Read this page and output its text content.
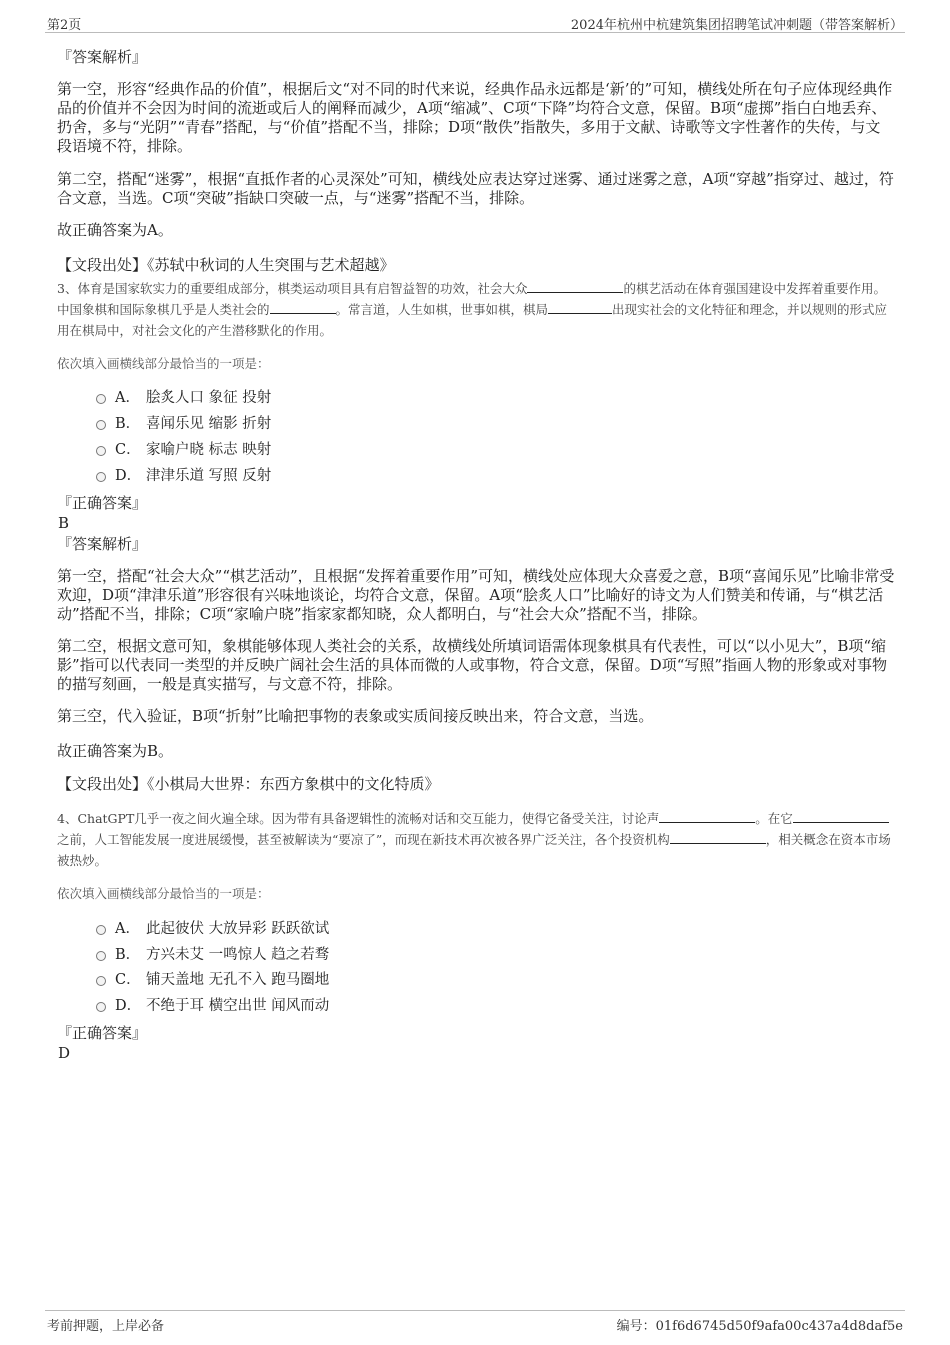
第2页	2024年杭州中杭建筑集团招聘笔试冲刺题（带答案解析）
『答案解析』

第一空，形容“经典作品的价值”，根据后文“对不同的时代来说，经典作品永远都是‘新’的”可知，横线处所在句子应体现经典作品的价值并不会因为时间的流逝或后人的阐释而减少，A项“缩减”、C项“下降”均符合文意，保留。B项“虚掷”指白白地丢弃、扔舍，多与“光阴”“青春”搭配，与“价值”搭配不当，排除；D项“散佚”指散失，多用于文献、诗歌等文字性著作的失传，与文段语境不符，排除。

第二空，搭配“迷雾”，根据“直抵作者的心灵深处”可知，横线处应表达穿过迷雾、通过迷雾之意，A项“穿越”指穿过、越过，符合文意，当选。C项“突破”指缺口突破一点，与“迷雾”搭配不当，排除。

故正确答案为A。
【文段出处】《苏轼中秋词的人生突围与艺术超越》

3、体育是国家软实力的重要组成部分，棋类运动项目具有启智益智的功效，社会大众	的棋艺活动在体育强国建设中发挥着重要作用。中国象棋和国际象棋几乎是人类社会的	。常言道，人生如棋，世事如棋，棋局	出现实社会的文化特征和理念，并以规则的形式应用在棋局中，对社会文化的产生潜移默化的作用。

依次填入画横线部分最恰当的一项是：
A． 脍炙人口 象征 投射
B． 喜闻乐见 缩影 折射
C． 家喻户晓 标志 映射
D． 津津乐道 写照 反射
『正确答案』
B
『答案解析』

第一空，搭配“社会大众”“棋艺活动”，且根据“发挥着重要作用”可知，横线处应体现大众喜爱之意，B项“喜闻乐见”比喻非常受欢迎，D项“津津乐道”形容很有兴味地谈论，均符合文意，保留。A项“脍炙人口”比喻好的诗文为人们赞美和传诵，与“棋艺活动”搭配不当，排除；C项“家喻户晓”指家家都知晓，众人都明白，与“社会大众”搭配不当，排除。

第二空，根据文意可知，象棋能够体现人类社会的关系，故横线处所填词语需体现象棋具有代表性，可以“以小见大”，B项“缩影”指可以代表同一类型的并反映广阔社会生活的具体而微的人或事物，符合文意，保留。D项“写照”指画人物的形象或对事物的描写刻画，一般是真实描写，与文意不符，排除。

第三空，代入验证，B项“折射”比喻把事物的表象或实质间接反映出来，符合文意，当选。

故正确答案为B。
【文段出处】《小棋局大世界：东西方象棋中的文化特质》

4、ChatGPT几乎一夜之间火遍全球。因为带有具备逻辑性的流畅对话和交互能力，使得它备受关注，讨论声	。在它之前，人工智能发展一度进展缓慢，甚至被解读为“要凉了”，而现在新技术再次被各界广泛关注，各个投资机构	，相关概念在资本市场被热炒。

依次填入画横线部分最恰当的一项是：
A． 此起彼伏 大放异彩 跃跃欲试
B． 方兴未艾 一鸣惊人 趋之若骛
C． 铺天盖地 无孔不入 跑马圈地
D． 不绝于耳 横空出世 闻风而动
『正确答案』
D
考前押题，上岸必备	编号：01f6d6745d50f9afa00c437a4d8daf5e
